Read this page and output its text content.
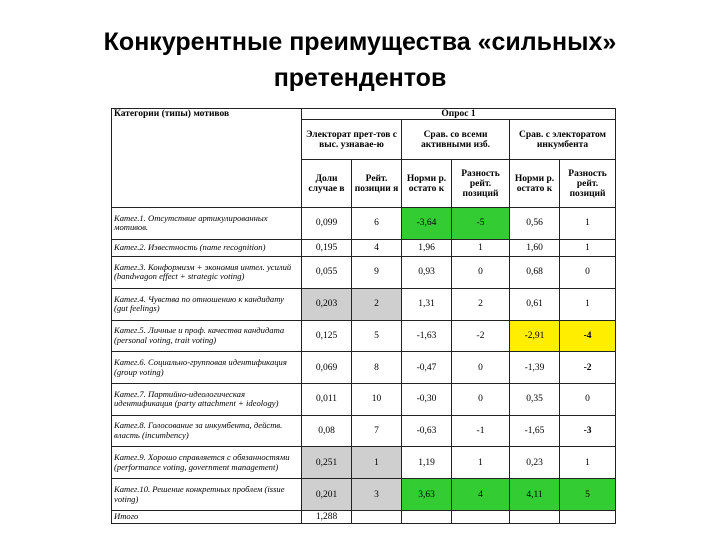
Конкурентные преимущества «сильных»
претендентов
Категории (типы) мотивов	Опрос 1					
	Электорат прет-тов с выс. узнавае-ю		Срав. со всеми активными изб.		Срав. с электоратом инкумбента	
	Доли случае в	Рейт. позиции я	Норми р. остато к	Разность рейт. позиций	Норми р. остато к	Разность рейт. позиций
Катег.1. Отсутствие артикулированных мотивов.	0,099	6	-3,64	-5	0,56	1
Катег.2. Известность (name recognition)	0,195	4	1,96	1	1,60	1
Катег.3. Конформизм + экономия интел. усилий (bandwagon effect + strategic voting)	0,055	9	0,93	0	0,68	0
Катег.4. Чувства по отношению к кандидату (gut feelings)	0,203	2	1,31	2	0,61	1
Катег.5. Личные и проф. качества кандидата (personal voting, trait voting)	0,125	5	-1,63	-2	-2,91	-4
Катег.6. Социально-групповая идентификация (group voting)	0,069	8	-0,47	0	-1,39	-2
Катег.7. Партийно-идеологическая идентификация (party attachment + ideology)	0,011	10	-0,30	0	0,35	0
Катег.8. Голосование за инкумбента, действ. власть (incumbency)	0,08	7	-0,63	-1	-1,65	-3
Катег.9. Хорошо справляется с обязанностями (performance voting, government management)	0,251	1	1,19	1	0,23	1
Катег.10. Решение конкретных проблем (issue voting)	0,201	3	3,63	4	4,11	5
Итого	1,288					
